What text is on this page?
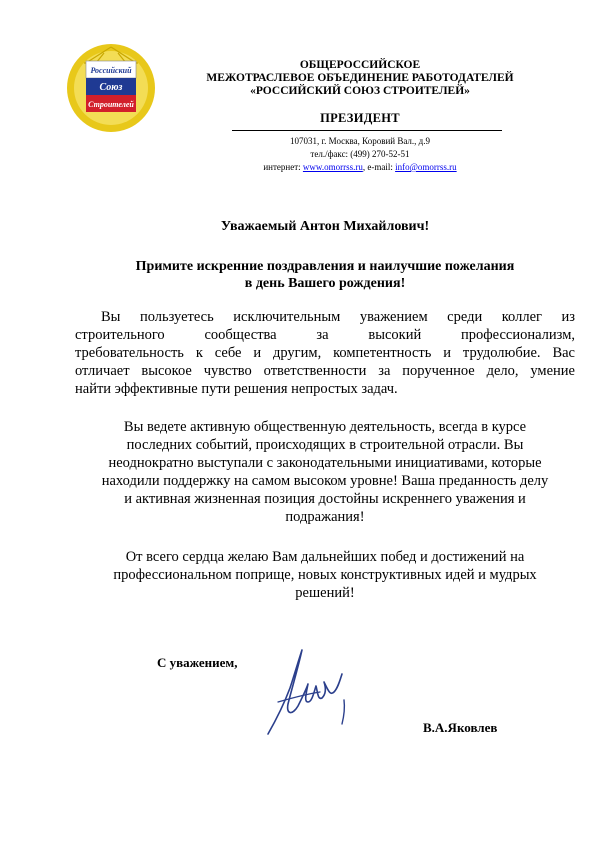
Российский
Союз
Строителей
ОБЩЕРОССИЙСКОЕ
МЕЖОТРАСЛЕВОЕ ОБЪЕДИНЕНИЕ РАБОТОДАТЕЛЕЙ
«РОССИЙСКИЙ СОЮЗ СТРОИТЕЛЕЙ»
ПРЕЗИДЕНТ
107031, г. Москва, Коровий Вал., д.9
тел./факс: (499) 270-52-51
интернет: www.omorrss.ru, e-mail: info@omorrss.ru
Уважаемый Антон Михайлович!
Примите искренние поздравления и наилучшие пожелания
в день Вашего рождения!
Вы пользуетесь исключительным уважением среди коллег из
строительного сообщества за высокий профессионализм,
требовательность к себе и другим, компетентность и трудолюбие. Вас
отличает высокое чувство ответственности за порученное дело, умение
найти эффективные пути решения непростых задач.
Вы ведете активную общественную деятельность, всегда в курсе
последних событий, происходящих в строительной отрасли. Вы
неоднократно выступали с законодательными инициативами, которые
находили поддержку на самом высоком уровне! Ваша преданность делу
и активная жизненная позиция достойны искреннего уважения и
подражания!
От всего сердца желаю Вам дальнейших побед и достижений на
профессиональном поприще, новых конструктивных идей и мудрых
решений!
С уважением,
В.А.Яковлев
